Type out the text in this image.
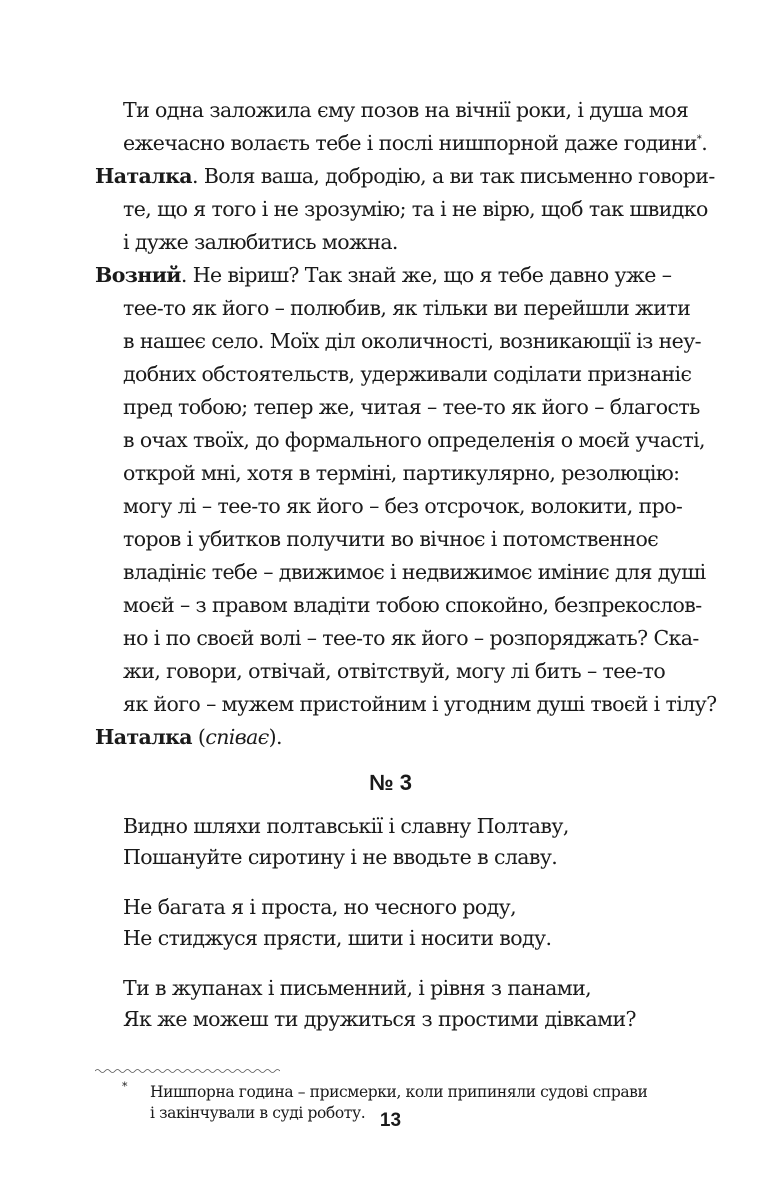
Ти одна заложила єму позов на вічнії роки, і душа моя
ежечасно волаєть тебе і послі нишпорной даже години*.
Наталка. Воля ваша, добродію, а ви так письменно говори-
те, що я того і не зрозумію; та і не вірю, щоб так швидко
і дуже залюбитись можна.
Возний. Не віриш? Так знай же, що я тебе давно уже –
тее-то як його – полюбив, як тільки ви перейшли жити
в нашеє село. Моїх діл околичності, возникающії із неу-
добних обстоятельств, удерживали соділати признаніє
пред тобою; тепер же, читая – тее-то як його – благость
в очах твоїх, до формального определенія о моєй участі,
открой мні, хотя в терміні, партикулярно, резолюцію:
могу лі – тее-то як його – без отсрочок, волокити, про-
торов і убитков получити во вічноє і потомственноє
владініє тебе – движимоє і недвижимоє иміниє для душі
моєй – з правом владіти тобою спокойно, безпрекослов-
но і по своєй волі – тее-то як його – розпоряджать? Ска-
жи, говори, отвічай, отвітствуй, могу лі бить – тее-то
як його – мужем пристойним і угодним душі твоєй і тілу?
Наталка (співає).
№ 3
Видно шляхи полтавськії і славну Полтаву,
Пошануйте сиротину і не вводьте в славу.
Не багата я і проста, но чесного роду,
Не стиджуся прясти, шити і носити воду.
Ти в жупанах і письменний, і рівня з панами,
Як же можеш ти дружиться з простими дівками?
* Нишпорна година – присмерки, коли припиняли судові справи
і закінчували в суді роботу. 13
